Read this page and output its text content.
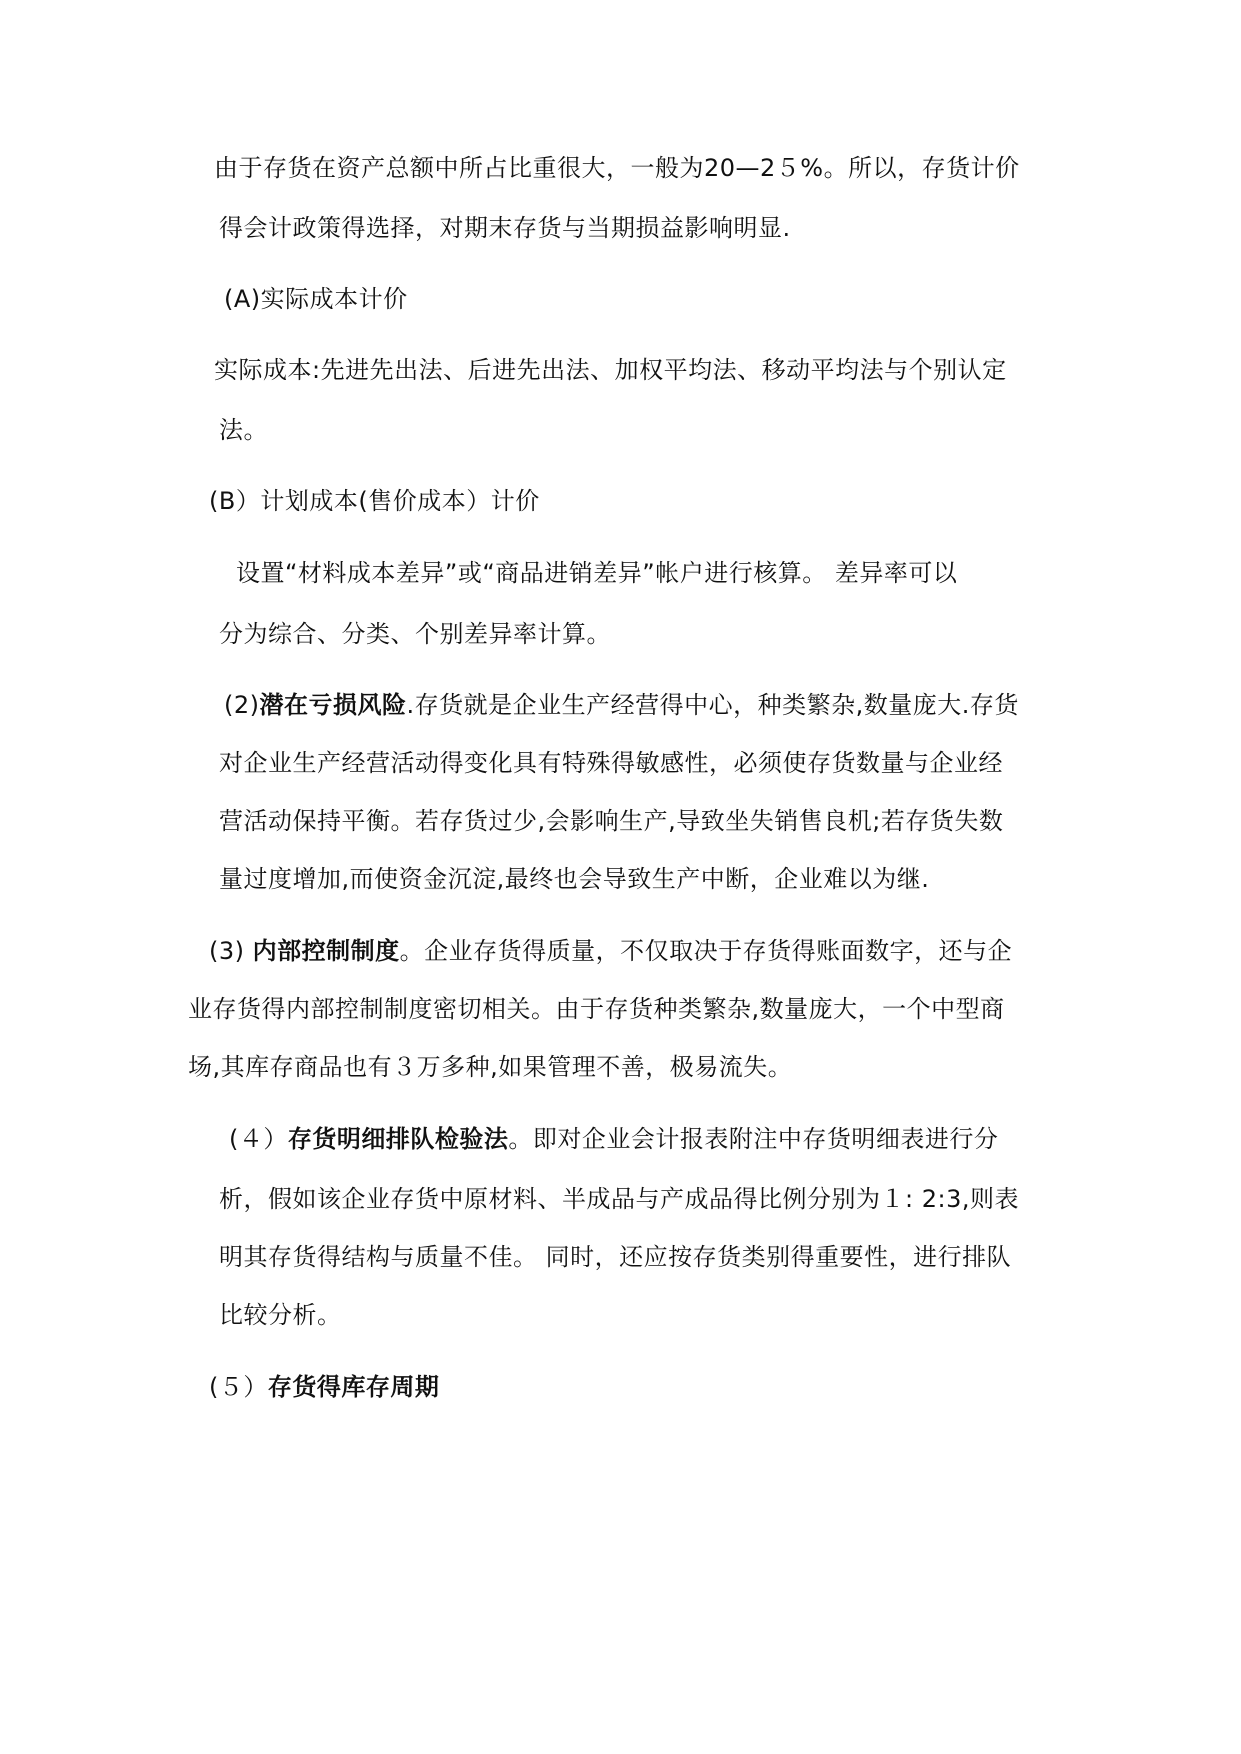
由于存货在资产总额中所占比重很大，一般为20—2５%。所以，存货计价
得会计政策得选择，对期末存货与当期损益影响明显.
(A)实际成本计价
实际成本:先进先出法、后进先出法、加权平均法、移动平均法与个别认定
法。
(B）计划成本(售价成本）计价
设置“材料成本差异”或“商品进销差异”帐户进行核算。 差异率可以
分为综合、分类、个别差异率计算。
(2)潜在亏损风险.存货就是企业生产经营得中心，种类繁杂,数量庞大.存货
对企业生产经营活动得变化具有特殊得敏感性，必须使存货数量与企业经
营活动保持平衡。若存货过少,会影响生产,导致坐失销售良机;若存货失数
量过度增加,而使资金沉淀,最终也会导致生产中断，企业难以为继.
(3) 内部控制制度。企业存货得质量，不仅取决于存货得账面数字，还与企
业存货得内部控制制度密切相关。由于存货种类繁杂,数量庞大，一个中型商
场,其库存商品也有３万多种,如果管理不善，极易流失。
(４）存货明细排队检验法。即对企业会计报表附注中存货明细表进行分
析，假如该企业存货中原材料、半成品与产成品得比例分别为１: 2:3,则表
明其存货得结构与质量不佳。 同时，还应按存货类别得重要性，进行排队
比较分析。
(５）存货得库存周期
